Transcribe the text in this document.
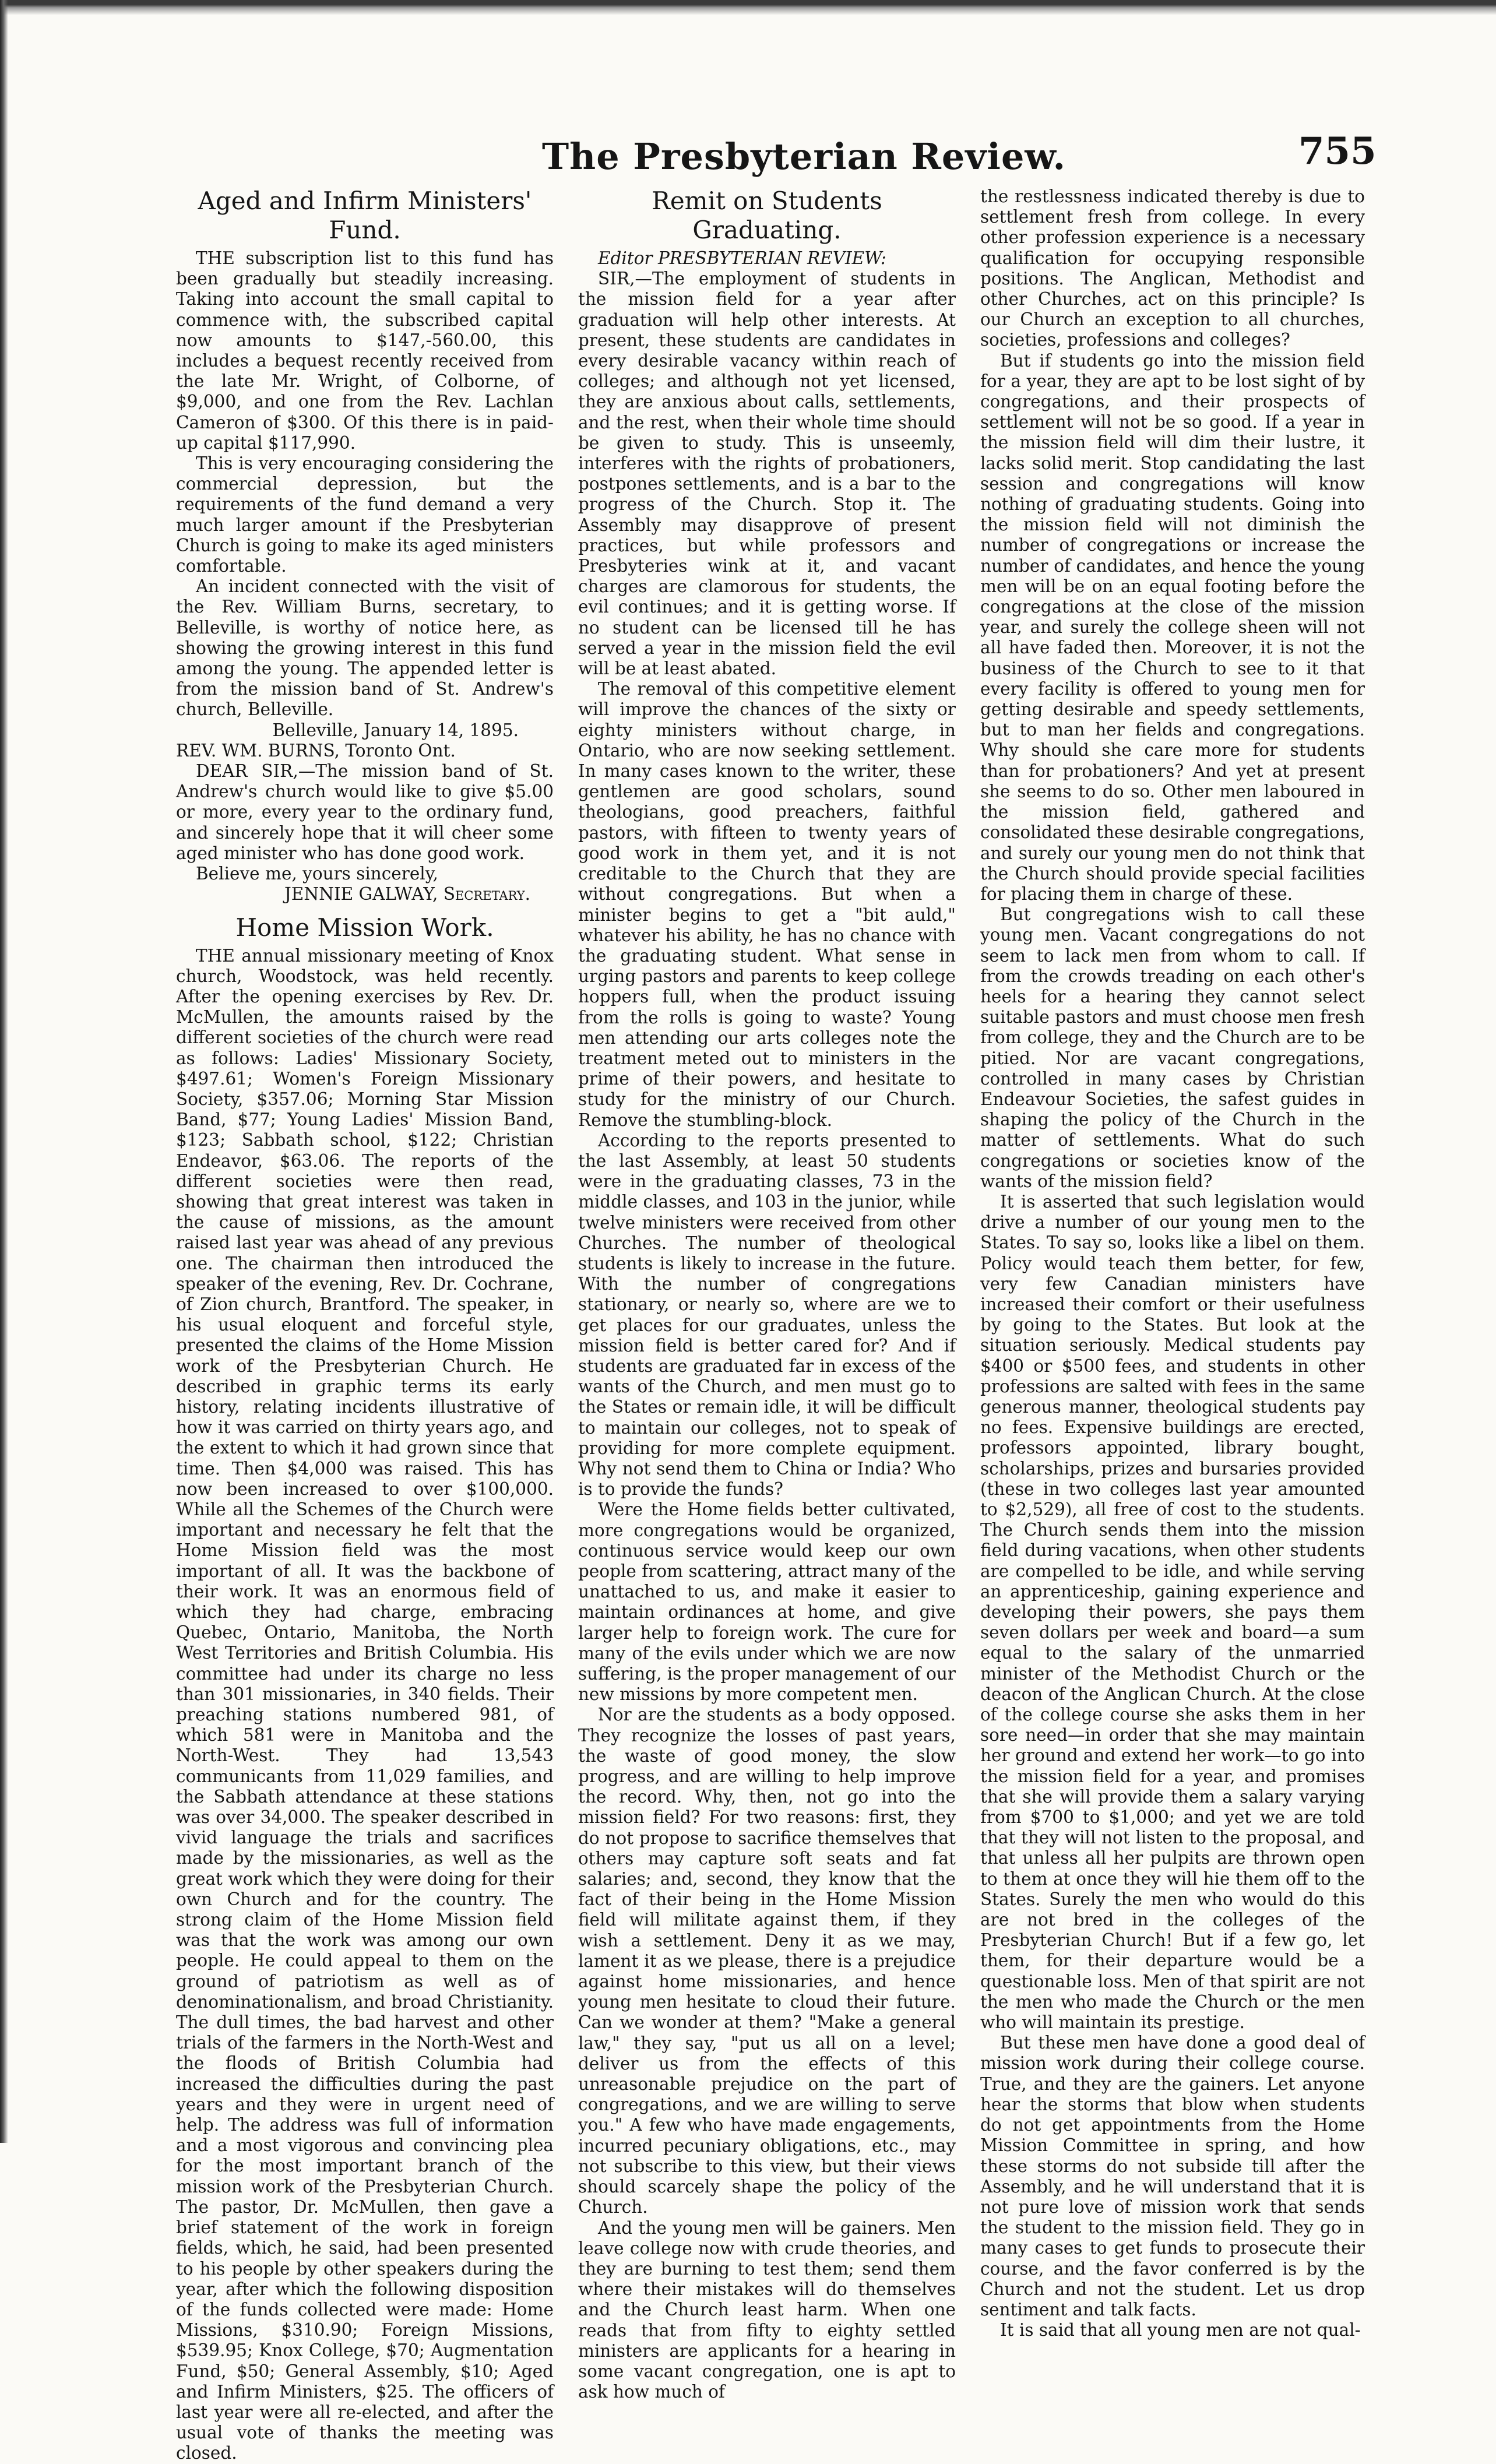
The Presbyterian Review.	755
Aged and Infirm Ministers' Fund.

THE subscription list to this fund has been gradually but steadily increasing. Taking into account the small capital to commence with, the subscribed capital now amounts to $147,-560.00, this includes a bequest recently received from the late Mr. Wright, of Colborne, of $9,000, and one from the Rev. Lachlan Cameron of $300. Of this there is in paid-up capital $117,990.

This is very encouraging considering the commercial depression, but the requirements of the fund demand a very much larger amount if the Presbyterian Church is going to make its aged ministers comfortable.

An incident connected with the visit of the Rev. William Burns, secretary, to Belleville, is worthy of notice here, as showing the growing interest in this fund among the young. The appended letter is from the mission band of St. Andrew's church, Belleville.

Belleville, January 14, 1895.

REV. WM. BURNS, Toronto Ont.

DEAR SIR,—The mission band of St. Andrew's church would like to give $5.00 or more, every year to the ordinary fund, and sincerely hope that it will cheer some aged minister who has done good work.

Believe me, yours sincerely,

JENNIE GALWAY, Secretary.

Home Mission Work.

THE annual missionary meeting of Knox church, Woodstock, was held recently. After the opening exercises by Rev. Dr. McMullen, the amounts raised by the different societies of the church were read as follows: Ladies' Missionary Society, $497.61; Women's Foreign Missionary Society, $357.06; Morning Star Mission Band, $77; Young Ladies' Mission Band, $123; Sabbath school, $122; Christian Endeavor, $63.06. The reports of the different societies were then read, showing that great interest was taken in the cause of missions, as the amount raised last year was ahead of any previous one. The chairman then introduced the speaker of the evening, Rev. Dr. Cochrane, of Zion church, Brantford. The speaker, in his usual eloquent and forceful style, presented the claims of the Home Mission work of the Presbyterian Church. He described in graphic terms its early history, relating incidents illustrative of how it was carried on thirty years ago, and the extent to which it had grown since that time. Then $4,000 was raised. This has now been increased to over $100,000. While all the Schemes of the Church were important and necessary he felt that the Home Mission field was the most important of all. It was the backbone of their work. It was an enormous field of which they had charge, embracing Quebec, Ontario, Manitoba, the North West Territories and British Columbia. His committee had under its charge no less than 301 missionaries, in 340 fields. Their preaching stations numbered 981, of which 581 were in Manitoba and the North-West. They had 13,543 communicants from 11,029 families, and the Sabbath attendance at these stations was over 34,000. The speaker described in vivid language the trials and sacrifices made by the missionaries, as well as the great work which they were doing for their own Church and for the country. The strong claim of the Home Mission field was that the work was among our own people. He could appeal to them on the ground of patriotism as well as of denominationalism, and broad Christianity. The dull times, the bad harvest and other trials of the farmers in the North-West and the floods of British Columbia had increased the difficulties during the past years and they were in urgent need of help. The address was full of information and a most vigorous and convincing plea for the most important branch of the mission work of the Presbyterian Church. The pastor, Dr. McMullen, then gave a brief statement of the work in foreign fields, which, he said, had been presented to his people by other speakers during the year, after which the following disposition of the funds collected were made: Home Missions, $310.90; Foreign Missions, $539.95; Knox College, $70; Augmentation Fund, $50; General Assembly, $10; Aged and Infirm Ministers, $25. The officers of last year were all re-elected, and after the usual vote of thanks the meeting was closed.

Remit on Students Graduating.

Editor PRESBYTERIAN REVIEW:

SIR,—The employment of students in the mission field for a year after graduation will help other interests. At present, these students are candidates in every desirable vacancy within reach of colleges; and although not yet licensed, they are anxious about calls, settlements, and the rest, when their whole time should be given to study. This is unseemly, interferes with the rights of probationers, postpones settlements, and is a bar to the progress of the Church. Stop it. The Assembly may disapprove of present practices, but while professors and Presbyteries wink at it, and vacant charges are clamorous for students, the evil continues; and it is getting worse. If no student can be licensed till he has served a year in the mission field the evil will be at least abated.

The removal of this competitive element will improve the chances of the sixty or eighty ministers without charge, in Ontario, who are now seeking settlement. In many cases known to the writer, these gentlemen are good scholars, sound theologians, good preachers, faithful pastors, with fifteen to twenty years of good work in them yet, and it is not creditable to the Church that they are without congregations. But when a minister begins to get a "bit auld," whatever his ability, he has no chance with the graduating student. What sense in urging pastors and parents to keep college hoppers full, when the product issuing from the rolls is going to waste? Young men attending our arts colleges note the treatment meted out to ministers in the prime of their powers, and hesitate to study for the ministry of our Church. Remove the stumbling-block.

According to the reports presented to the last Assembly, at least 50 students were in the graduating classes, 73 in the middle classes, and 103 in the junior, while twelve ministers were received from other Churches. The number of theological students is likely to increase in the future. With the number of congregations stationary, or nearly so, where are we to get places for our graduates, unless the mission field is better cared for? And if students are graduated far in excess of the wants of the Church, and men must go to the States or remain idle, it will be difficult to maintain our colleges, not to speak of providing for more complete equipment. Why not send them to China or India? Who is to provide the funds?

Were the Home fields better cultivated, more congregations would be organized, continuous service would keep our own people from scattering, attract many of the unattached to us, and make it easier to maintain ordinances at home, and give larger help to foreign work. The cure for many of the evils under which we are now suffering, is the proper management of our new missions by more competent men.

Nor are the students as a body opposed. They recognize the losses of past years, the waste of good money, the slow progress, and are willing to help improve the record. Why, then, not go into the mission field? For two reasons: first, they do not propose to sacrifice themselves that others may capture soft seats and fat salaries; and, second, they know that the fact of their being in the Home Mission field will militate against them, if they wish a settlement. Deny it as we may, lament it as we please, there is a prejudice against home missionaries, and hence young men hesitate to cloud their future. Can we wonder at them? "Make a general law," they say, "put us all on a level; deliver us from the effects of this unreasonable prejudice on the part of congregations, and we are willing to serve you." A few who have made engagements, incurred pecuniary obligations, etc., may not subscribe to this view, but their views should scarcely shape the policy of the Church.

And the young men will be gainers. Men leave college now with crude theories, and they are burning to test them; send them where their mistakes will do themselves and the Church least harm. When one reads that from fifty to eighty settled ministers are applicants for a hearing in some vacant congregation, one is apt to ask how much of

the restlessness indicated thereby is due to settlement fresh from college. In every other profession experience is a necessary qualification for occupying responsible positions. The Anglican, Methodist and other Churches, act on this principle? Is our Church an exception to all churches, societies, professions and colleges?

But if students go into the mission field for a year, they are apt to be lost sight of by congregations, and their prospects of settlement will not be so good. If a year in the mission field will dim their lustre, it lacks solid merit. Stop candidating the last session and congregations will know nothing of graduating students. Going into the mission field will not diminish the number of congregations or increase the number of candidates, and hence the young men will be on an equal footing before the congregations at the close of the mission year, and surely the college sheen will not all have faded then. Moreover, it is not the business of the Church to see to it that every facility is offered to young men for getting desirable and speedy settlements, but to man her fields and congregations. Why should she care more for students than for probationers? And yet at present she seems to do so. Other men laboured in the mission field, gathered and consolidated these desirable congregations, and surely our young men do not think that the Church should provide special facilities for placing them in charge of these.

But congregations wish to call these young men. Vacant congregations do not seem to lack men from whom to call. If from the crowds treading on each other's heels for a hearing they cannot select suitable pastors and must choose men fresh from college, they and the Church are to be pitied. Nor are vacant congregations, controlled in many cases by Christian Endeavour Societies, the safest guides in shaping the policy of the Church in the matter of settlements. What do such congregations or societies know of the wants of the mission field?

It is asserted that such legislation would drive a number of our young men to the States. To say so, looks like a libel on them. Policy would teach them better, for few, very few Canadian ministers have increased their comfort or their usefulness by going to the States. But look at the situation seriously. Medical students pay $400 or $500 fees, and students in other professions are salted with fees in the same generous manner, theological students pay no fees. Expensive buildings are erected, professors appointed, library bought, scholarships, prizes and bursaries provided (these in two colleges last year amounted to $2,529), all free of cost to the students. The Church sends them into the mission field during vacations, when other students are compelled to be idle, and while serving an apprenticeship, gaining experience and developing their powers, she pays them seven dollars per week and board—a sum equal to the salary of the unmarried minister of the Methodist Church or the deacon of the Anglican Church. At the close of the college course she asks them in her sore need—in order that she may maintain her ground and extend her work—to go into the mission field for a year, and promises that she will provide them a salary varying from $700 to $1,000; and yet we are told that they will not listen to the proposal, and that unless all her pulpits are thrown open to them at once they will hie them off to the States. Surely the men who would do this are not bred in the colleges of the Presbyterian Church! But if a few go, let them, for their departure would be a questionable loss. Men of that spirit are not the men who made the Church or the men who will maintain its prestige.

But these men have done a good deal of mission work during their college course. True, and they are the gainers. Let anyone hear the storms that blow when students do not get appointments from the Home Mission Committee in spring, and how these storms do not subside till after the Assembly, and he will understand that it is not pure love of mission work that sends the student to the mission field. They go in many cases to get funds to prosecute their course, and the favor conferred is by the Church and not the student. Let us drop sentiment and talk facts.

It is said that all young men are not qual-
